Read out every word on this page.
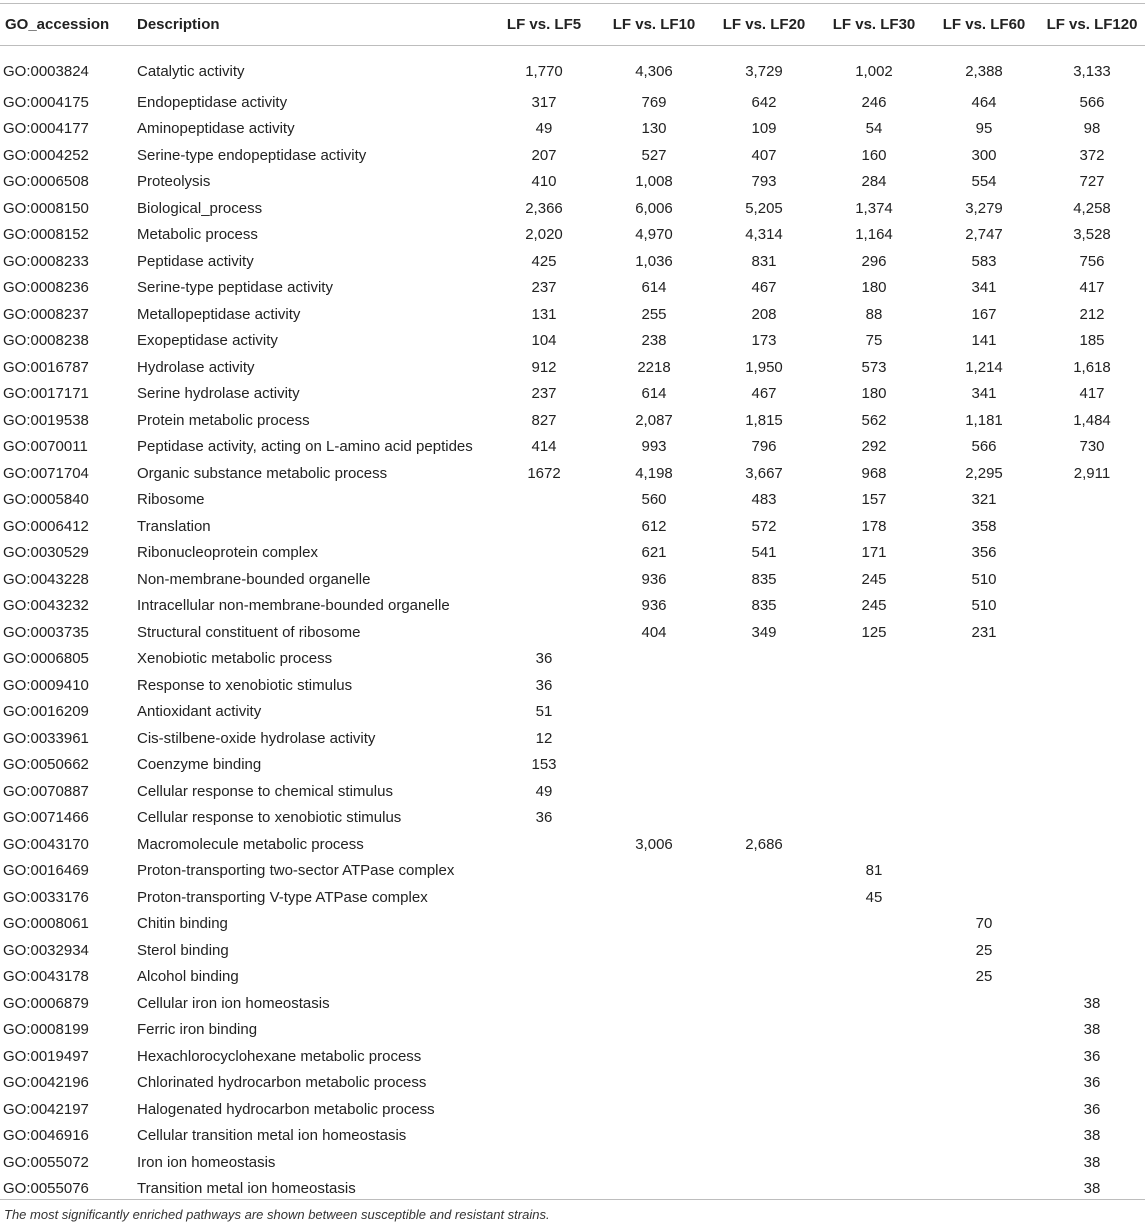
GO_accession	Description	LF vs. LF5	LF vs. LF10	LF vs. LF20	LF vs. LF30	LF vs. LF60	LF vs. LF120
GO:0003824	Catalytic activity	1,770	4,306	3,729	1,002	2,388	3,133
GO:0004175	Endopeptidase activity	317	769	642	246	464	566
GO:0004177	Aminopeptidase activity	49	130	109	54	95	98
GO:0004252	Serine-type endopeptidase activity	207	527	407	160	300	372
GO:0006508	Proteolysis	410	1,008	793	284	554	727
GO:0008150	Biological_process	2,366	6,006	5,205	1,374	3,279	4,258
GO:0008152	Metabolic process	2,020	4,970	4,314	1,164	2,747	3,528
GO:0008233	Peptidase activity	425	1,036	831	296	583	756
GO:0008236	Serine-type peptidase activity	237	614	467	180	341	417
GO:0008237	Metallopeptidase activity	131	255	208	88	167	212
GO:0008238	Exopeptidase activity	104	238	173	75	141	185
GO:0016787	Hydrolase activity	912	2218	1,950	573	1,214	1,618
GO:0017171	Serine hydrolase activity	237	614	467	180	341	417
GO:0019538	Protein metabolic process	827	2,087	1,815	562	1,181	1,484
GO:0070011	Peptidase activity, acting on L-amino acid peptides	414	993	796	292	566	730
GO:0071704	Organic substance metabolic process	1672	4,198	3,667	968	2,295	2,911
GO:0005840	Ribosome		560	483	157	321	
GO:0006412	Translation		612	572	178	358	
GO:0030529	Ribonucleoprotein complex		621	541	171	356	
GO:0043228	Non-membrane-bounded organelle		936	835	245	510	
GO:0043232	Intracellular non-membrane-bounded organelle		936	835	245	510	
GO:0003735	Structural constituent of ribosome		404	349	125	231	
GO:0006805	Xenobiotic metabolic process	36					
GO:0009410	Response to xenobiotic stimulus	36					
GO:0016209	Antioxidant activity	51					
GO:0033961	Cis-stilbene-oxide hydrolase activity	12					
GO:0050662	Coenzyme binding	153					
GO:0070887	Cellular response to chemical stimulus	49					
GO:0071466	Cellular response to xenobiotic stimulus	36					
GO:0043170	Macromolecule metabolic process		3,006	2,686			
GO:0016469	Proton-transporting two-sector ATPase complex				81		
GO:0033176	Proton-transporting V-type ATPase complex				45		
GO:0008061	Chitin binding					70	
GO:0032934	Sterol binding					25	
GO:0043178	Alcohol binding					25	
GO:0006879	Cellular iron ion homeostasis						38
GO:0008199	Ferric iron binding						38
GO:0019497	Hexachlorocyclohexane metabolic process						36
GO:0042196	Chlorinated hydrocarbon metabolic process						36
GO:0042197	Halogenated hydrocarbon metabolic process						36
GO:0046916	Cellular transition metal ion homeostasis						38
GO:0055072	Iron ion homeostasis						38
GO:0055076	Transition metal ion homeostasis						38
The most significantly enriched pathways are shown between susceptible and resistant strains.
